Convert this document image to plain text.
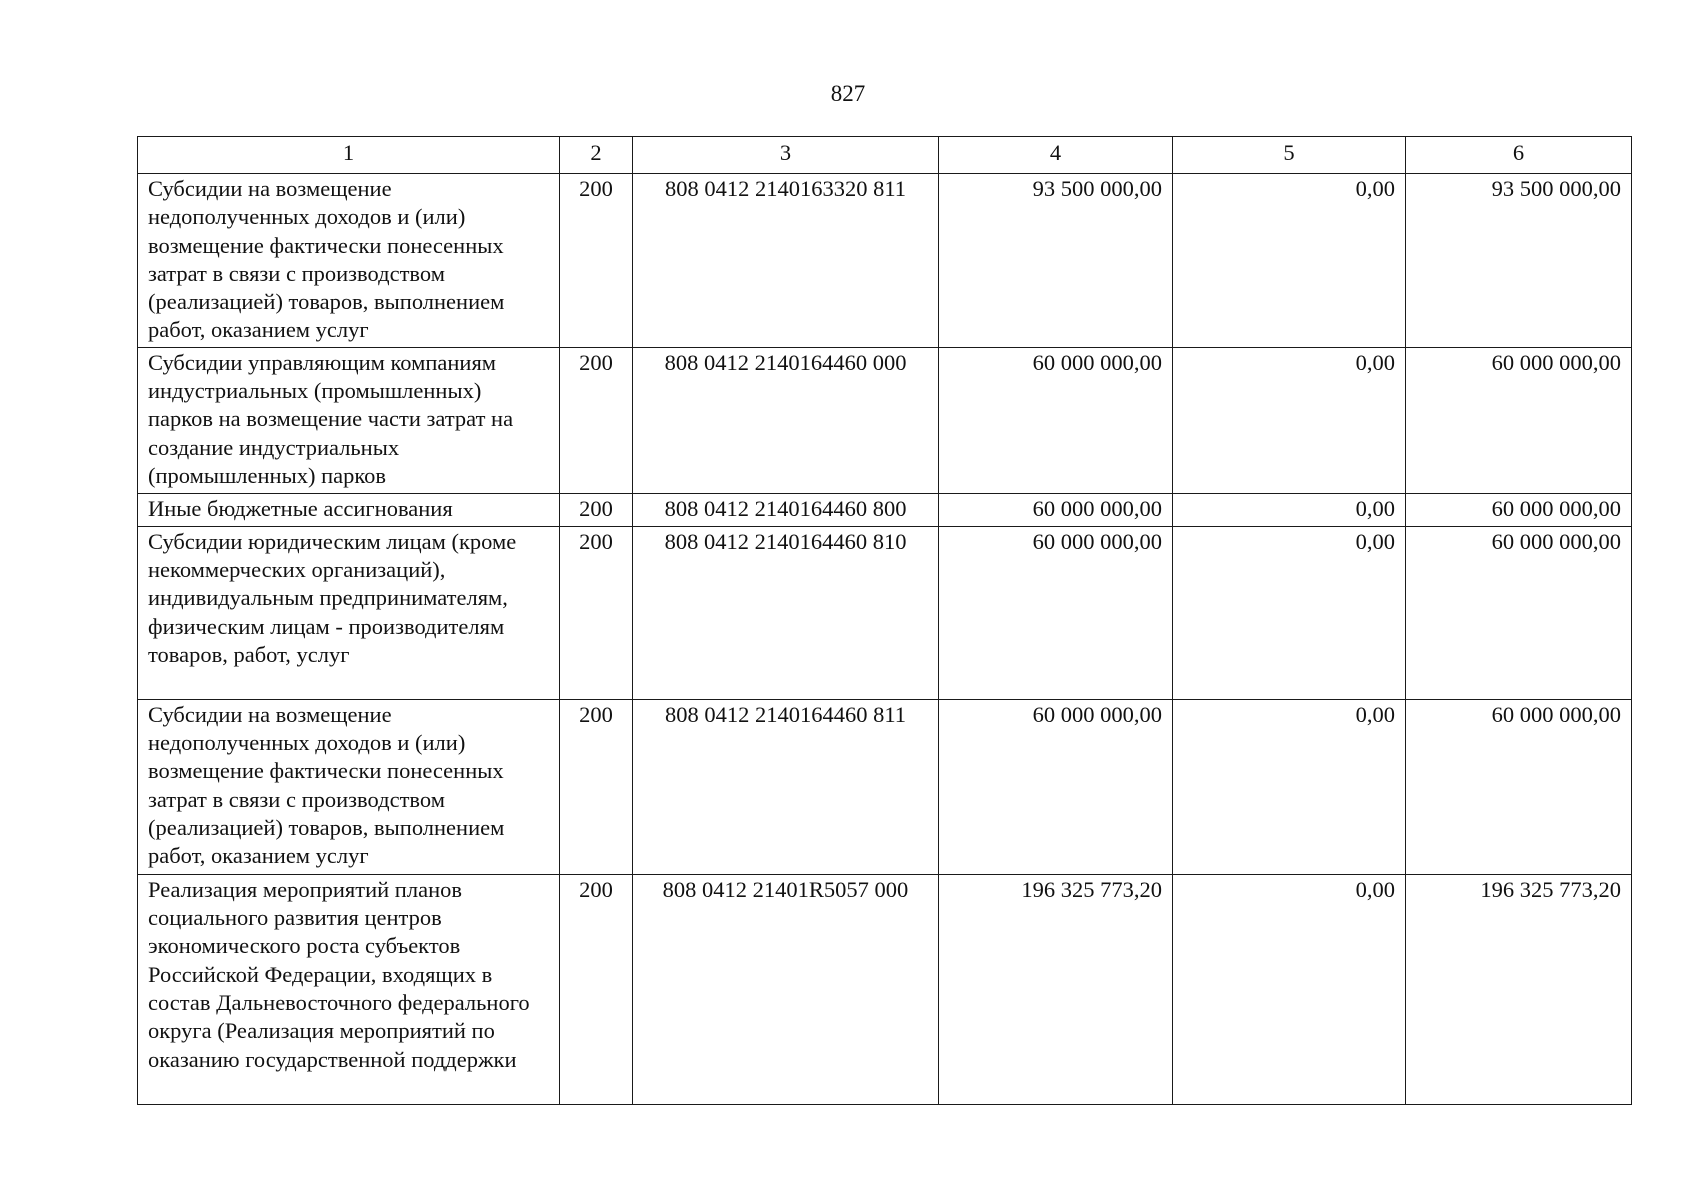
827
1	2	3	4	5	6
Субсидии на возмещение недополученных доходов и (или) возмещение фактически понесенных затрат в связи с производством (реализацией) товаров, выполнением работ, оказанием услуг	200	808 0412 2140163320 811	93 500 000,00	0,00	93 500 000,00
Субсидии управляющим компаниям индустриальных (промышленных) парков на возмещение части затрат на создание индустриальных (промышленных) парков	200	808 0412 2140164460 000	60 000 000,00	0,00	60 000 000,00
Иные бюджетные ассигнования	200	808 0412 2140164460 800	60 000 000,00	0,00	60 000 000,00
Субсидии юридическим лицам (кроме некоммерческих организаций), индивидуальным предпринимателям, физическим лицам - производителям товаров, работ, услуг	200	808 0412 2140164460 810	60 000 000,00	0,00	60 000 000,00
Субсидии на возмещение недополученных доходов и (или) возмещение фактически понесенных затрат в связи с производством (реализацией) товаров, выполнением работ, оказанием услуг	200	808 0412 2140164460 811	60 000 000,00	0,00	60 000 000,00
Реализация мероприятий планов социального развития центров экономического роста субъектов Российской Федерации, входящих в состав Дальневосточного федерального округа (Реализация мероприятий по оказанию государственной поддержки	200	808 0412 21401R5057 000	196 325 773,20	0,00	196 325 773,20
